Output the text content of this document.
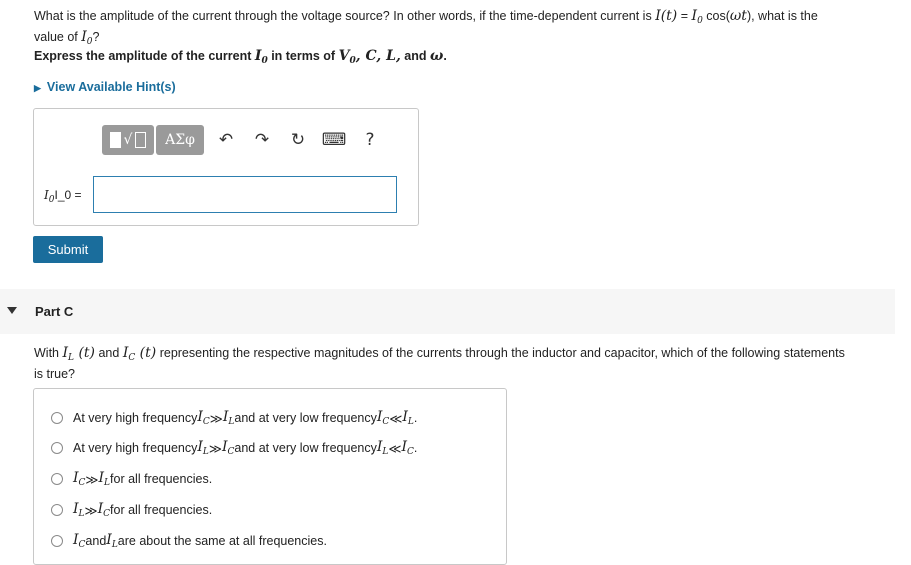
What is the amplitude of the current through the voltage source? In other words, if the time-dependent current is $I(t) = I_0$ cos(ωt), what is the
value of $I_0$?
Express the amplitude of the current $I_0$ in terms of $V_0$, C, L, and ω.
▶ View Available Hint(s)
√	ΑΣφ	↶	↷	↻ ⌨	?
$I_0I\_0$ =
Submit
Part C
With $I_L$ (t) and $I_C$ (t) representing the respective magnitudes of the currents through the inductor and capacitor, which of the following statements
is true?
At very high frequency $I_C$ ≫ $I_L$ and at very low frequency $I_C$ ≪ $I_L$ .
At very high frequency $I_L$ ≫ $I_C$ and at very low frequency $I_L$ ≪ $I_C$ .
$I_C$ ≫ $I_L$ for all frequencies.
$I_L$ ≫ $I_C$ for all frequencies.
$I_C$ and $I_L$ are about the same at all frequencies.
